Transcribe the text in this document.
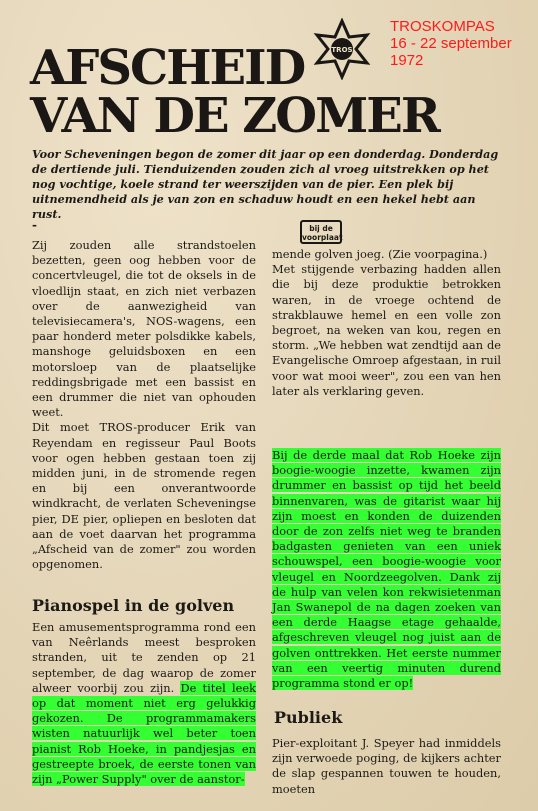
AFSCHEID
VAN DE ZOMER
TROS
TROSKOMPAS
16 - 22 september
1972
Voor Scheveningen begon de zomer dit jaar op een donderdag. Donderdag de dertiende juli. Tienduizenden zouden zich al vroeg uitstrekken op het nog vochtige, koele strand ter weerszijden van de pier. Een plek bij uitnemendheid als je van zon en schaduw houdt en een hekel hebt aan rust.
-	bij de
voorplaat

Zij zouden alle strandstoelen bezetten, geen oog hebben voor de concertvleugel, die tot de oksels in de vloedlijn staat, en zich niet verbazen over de aanwezigheid van televisiecamera's, NOS-wagens, een paar honderd meter polsdikke kabels, manshoge geluidsboxen en een motorsloep van de plaatselijke reddingsbrigade met een bassist en een drummer die niet van ophouden weet.

Dit moet TROS-producer Erik van Reyendam en regisseur Paul Boots voor ogen hebben gestaan toen zij midden juni, in de stromende regen en bij een onverantwoorde windkracht, de verlaten Scheveningse pier, DE pier, opliepen en besloten dat aan de voet daarvan het programma „Afscheid van de zomer" zou worden opgenomen.

Pianospel in de golven

Een amusementsprogramma rond een van Neêrlands meest besproken stranden, uit te zenden op 21 september, de dag waarop de zomer alweer voorbij zou zijn. De titel leek op dat moment niet erg gelukkig gekozen. De programmamakers wisten natuurlijk wel beter toen pianist Rob Hoeke, in pandjesjas en gestreepte broek, de eerste tonen van zijn „Power Supply" over de aanstor-

mende golven joeg. (Zie voorpagina.)

Met stijgende verbazing hadden allen die bij deze produktie betrokken waren, in de vroege ochtend de strakblauwe hemel en een volle zon begroet, na weken van kou, regen en storm. „We hebben wat zendtijd aan de Evangelische Omroep afgestaan, in ruil voor wat mooi weer", zou een van hen later als verklaring geven.

Bij de derde maal dat Rob Hoeke zijn boogie-woogie inzette, kwamen zijn drummer en bassist op tijd het beeld binnenvaren, was de gitarist waar hij zijn moest en konden de duizenden door de zon zelfs niet weg te branden badgasten genieten van een uniek schouwspel, een boogie-woogie voor vleugel en Noordzeegolven. Dank zij de hulp van velen kon rekwisietenman Jan Swanepol de na dagen zoeken van een derde Haagse etage gehaalde, afgeschreven vleugel nog juist aan de golven onttrekken. Het eerste nummer van een veertig minuten durend programma stond er op!

Publiek

Pier-exploitant J. Speyer had inmiddels zijn verwoede poging, de kijkers achter de slap gespannen touwen te houden, moeten
